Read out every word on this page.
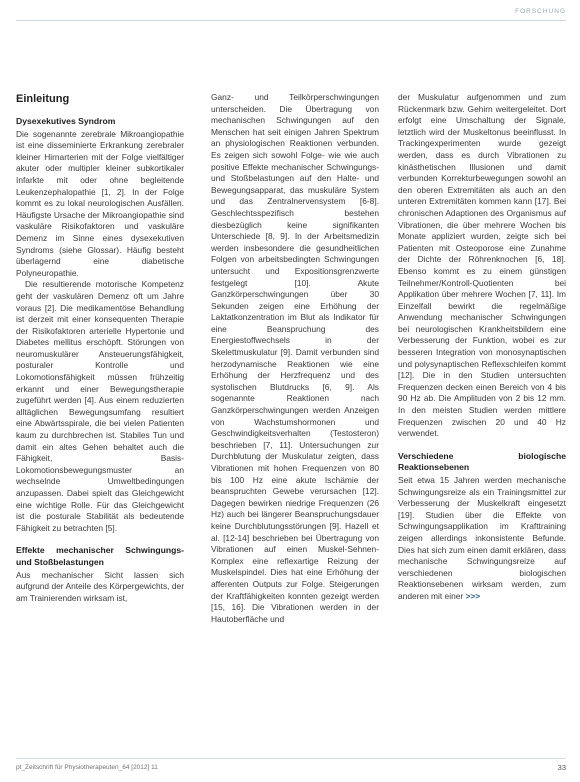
FORSCHUNG
Einleitung
Dysexekutives Syndrom

Die sogenannte zerebrale Mikroangiopathie ist eine disseminierte Erkrankung zerebraler kleiner Hirnarterien mit der Folge vielfältiger akuter oder multipler kleiner subkortikaler Infarkte mit oder ohne begleitende Leukenzephalopathie [1, 2]. In der Folge kommt es zu lokal neurologischen Ausfällen. Häufigste Ursache der Mikroangiopathie sind vaskuläre Risikofaktoren und vaskuläre Demenz im Sinne eines dysexekutiven Syndroms (siehe Glossar). Häufig besteht überlagernd eine diabetische Polyneuropathie.

Die resultierende motorische Kompetenz geht der vaskulären Demenz oft um Jahre voraus [2]. Die medikamentöse Behandlung ist derzeit mit einer konsequenten Therapie der Risikofaktoren arterielle Hypertonie und Diabetes mellitus erschöpft. Störungen von neuromuskulärer Ansteuerungsfähigkeit, posturaler Kontrolle und Lokomotionsfähigkeit müssen frühzeitig erkannt und einer Bewegungstherapie zugeführt werden [4]. Aus einem reduzierten alltäglichen Bewegungsumfang resultiert eine Abwärtsspirale, die bei vielen Patienten kaum zu durchbrechen ist. Stabiles Tun und damit ein altes Gehen behaltet auch die Fähigkeit, Basis-Lokomotionsbewegungsmuster an wechselnde Umweltbedingungen anzupassen. Dabei spielt das Gleichgewicht eine wichtige Rolle. Für das Gleichgewicht ist die posturale Stabilität als bedeutende Fähigkeit zu betrachten [5].

Effekte mechanischer Schwingungs- und Stoßbelastungen

Aus mechanischer Sicht lassen sich aufgrund der Anteile des Körpergewichts, der am Trainierenden wirksam ist,

Ganz- und Teilkörperschwingungen unterscheiden. Die Übertragung von mechanischen Schwingungen auf den Menschen hat seit einigen Jahren Spektrum an physiologischen Reaktionen verbunden. Es zeigen sich sowohl Folge- wie wie auch positive Effekte mechanischer Schwingungs- und Stoßbelastungen auf den Halte- und Bewegungsapparat, das muskuläre System und das Zentralnervensystem [6-8]. Geschlechtsspezifisch bestehen diesbezüglich keine signifikanten Unterschiede [8, 9]. In der Arbeitsmedizin werden insbesondere die gesundheitlichen Folgen von arbeitsbedingten Schwingungen untersucht und Expositionsgrenzwerte festgelegt [10]. Akute Ganzkörperschwingungen über 30 Sekunden zeigen eine Erhöhung der Laktatkonzentration im Blut als Indikator für eine Beanspruchung des Energiestoffwechsels in der Skelettmuskulatur [9]. Damit verbunden sind herzodynamische Reaktionen wie eine Erhöhung der Herzfrequenz und des systolischen Blutdrucks [6, 9]. Als sogenannte Reaktionen nach Ganzkörperschwingungen werden Anzeigen von Wachstumshormonen und Geschwindigkeitsverhalten (Testosteron) beschrieben [7, 11]. Untersuchungen zur Durchblutung der Muskulatur zeigten, dass Vibrationen mit hohen Frequenzen von 80 bis 100 Hz eine akute Ischämie der beanspruchten Gewebe verursachen [12]. Dagegen bewirken niedrige Frequenzen (26 Hz) auch bei längerer Beanspruchungsdauer keine Durchblutungsstörungen [9]. Hazell et al. [12-14] beschrieben bei Übertragung von Vibrationen auf einen Muskel-Sehnen-Komplex eine reflexartige Reizung der Muskelspindel. Dies hat eine Erhöhung der afferenten Outputs zur Folge. Steigerungen der Kraftfähigkeiten konnten gezeigt werden [15, 16]. Die Vibrationen werden in der Hautoberfläche und

der Muskulatur aufgenommen und zum Rückenmark bzw. Gehirn weitergeleitet. Dort erfolgt eine Umschaltung der Signale, letztlich wird der Muskeltonus beeinflusst. In Trackingexperimenten wurde gezeigt werden, dass es durch Vibrationen zu kinästhetischen Illusionen und damit verbunden Korrekturbewegungen sowohl an den oberen Extremitäten als auch an den unteren Extremitäten kommen kann [17]. Bei chronischen Adaptionen des Organismus auf Vibrationen, die über mehrere Wochen bis Monate appliziert wurden, zeigte sich bei Patienten mit Osteoporose eine Zunahme der Dichte der Röhrenknochen [6, 18]. Ebenso kommt es zu einem günstigen Teilnehmer/Kontroll-Quotienten bei Applikation über mehrere Wochen [7, 11]. Im Einzelfall bewirkt die regelmäßige Anwendung mechanischer Schwingungen bei neurologischen Krankheitsbildern eine Verbesserung der Funktion, wobei es zur besseren Integration von monosynaptischen und polysynaptischen Reflexschleifen kommt [12]. Die in den Studien untersuchten Frequenzen decken einen Bereich von 4 bis 90 Hz ab. Die Amplituden von 2 bis 12 mm. In den meisten Studien werden mittlere Frequenzen zwischen 20 und 40 Hz verwendet.

Verschiedene biologische Reaktionsebenen

Seit etwa 15 Jahren werden mechanische Schwingungsreize als ein Trainingsmittel zur Verbesserung der Muskelkraft eingesetzt [19]. Studien über die Effekte von Schwingungsapplikation im Krafttraining zeigen allerdings inkonsistente Befunde. Dies hat sich zum einen damit erklären, dass mechanische Schwingungsreize auf verschiedenen biologischen Reaktionsebenen wirksam werden, zum anderen mit einer >>>

pt_Zeitschrift für Physiotherapeuten_64 [2012] 11	33
